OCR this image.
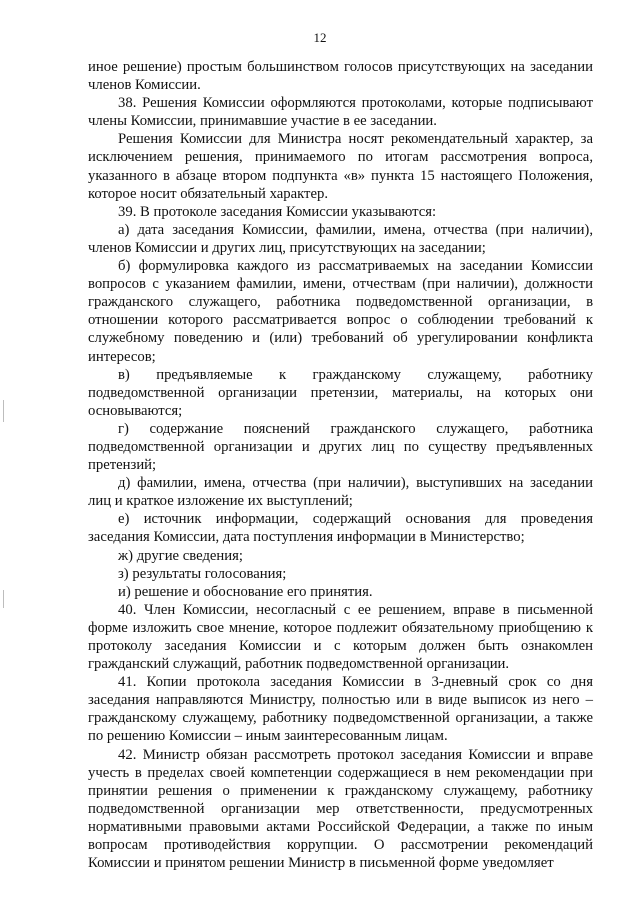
12

иное решение) простым большинством голосов присутствующих на заседании членов Комиссии.

38. Решения Комиссии оформляются протоколами, которые подписывают члены Комиссии, принимавшие участие в ее заседании.

Решения Комиссии для Министра носят рекомендательный характер, за исключением решения, принимаемого по итогам рассмотрения вопроса, указанного в абзаце втором подпункта «в» пункта 15 настоящего Положения, которое носит обязательный характер.

39. В протоколе заседания Комиссии указываются:

а) дата заседания Комиссии, фамилии, имена, отчества (при наличии), членов Комиссии и других лиц, присутствующих на заседании;

б) формулировка каждого из рассматриваемых на заседании Комиссии вопросов с указанием фамилии, имени, отчествам (при наличии), должности гражданского служащего, работника подведомственной организации, в отношении которого рассматривается вопрос о соблюдении требований к служебному поведению и (или) требований об урегулировании конфликта интересов;

в) предъявляемые к гражданскому служащему, работнику подведомственной организации претензии, материалы, на которых они основываются;

г) содержание пояснений гражданского служащего, работника подведомственной организации и других лиц по существу предъявленных претензий;

д) фамилии, имена, отчества (при наличии), выступивших на заседании лиц и краткое изложение их выступлений;

е) источник информации, содержащий основания для проведения заседания Комиссии, дата поступления информации в Министерство;

ж) другие сведения;

з) результаты голосования;

и) решение и обоснование его принятия.

40. Член Комиссии, несогласный с ее решением, вправе в письменной форме изложить свое мнение, которое подлежит обязательному приобщению к протоколу заседания Комиссии и с которым должен быть ознакомлен гражданский служащий, работник подведомственной организации.

41. Копии протокола заседания Комиссии в 3-дневный срок со дня заседания направляются Министру, полностью или в виде выписок из него – гражданскому служащему, работнику подведомственной организации, а также по решению Комиссии – иным заинтересованным лицам.

42. Министр обязан рассмотреть протокол заседания Комиссии и вправе учесть в пределах своей компетенции содержащиеся в нем рекомендации при принятии решения о применении к гражданскому служащему, работнику подведомственной организации мер ответственности, предусмотренных нормативными правовыми актами Российской Федерации, а также по иным вопросам противодействия коррупции. О рассмотрении рекомендаций Комиссии и принятом решении Министр в письменной форме уведомляет
